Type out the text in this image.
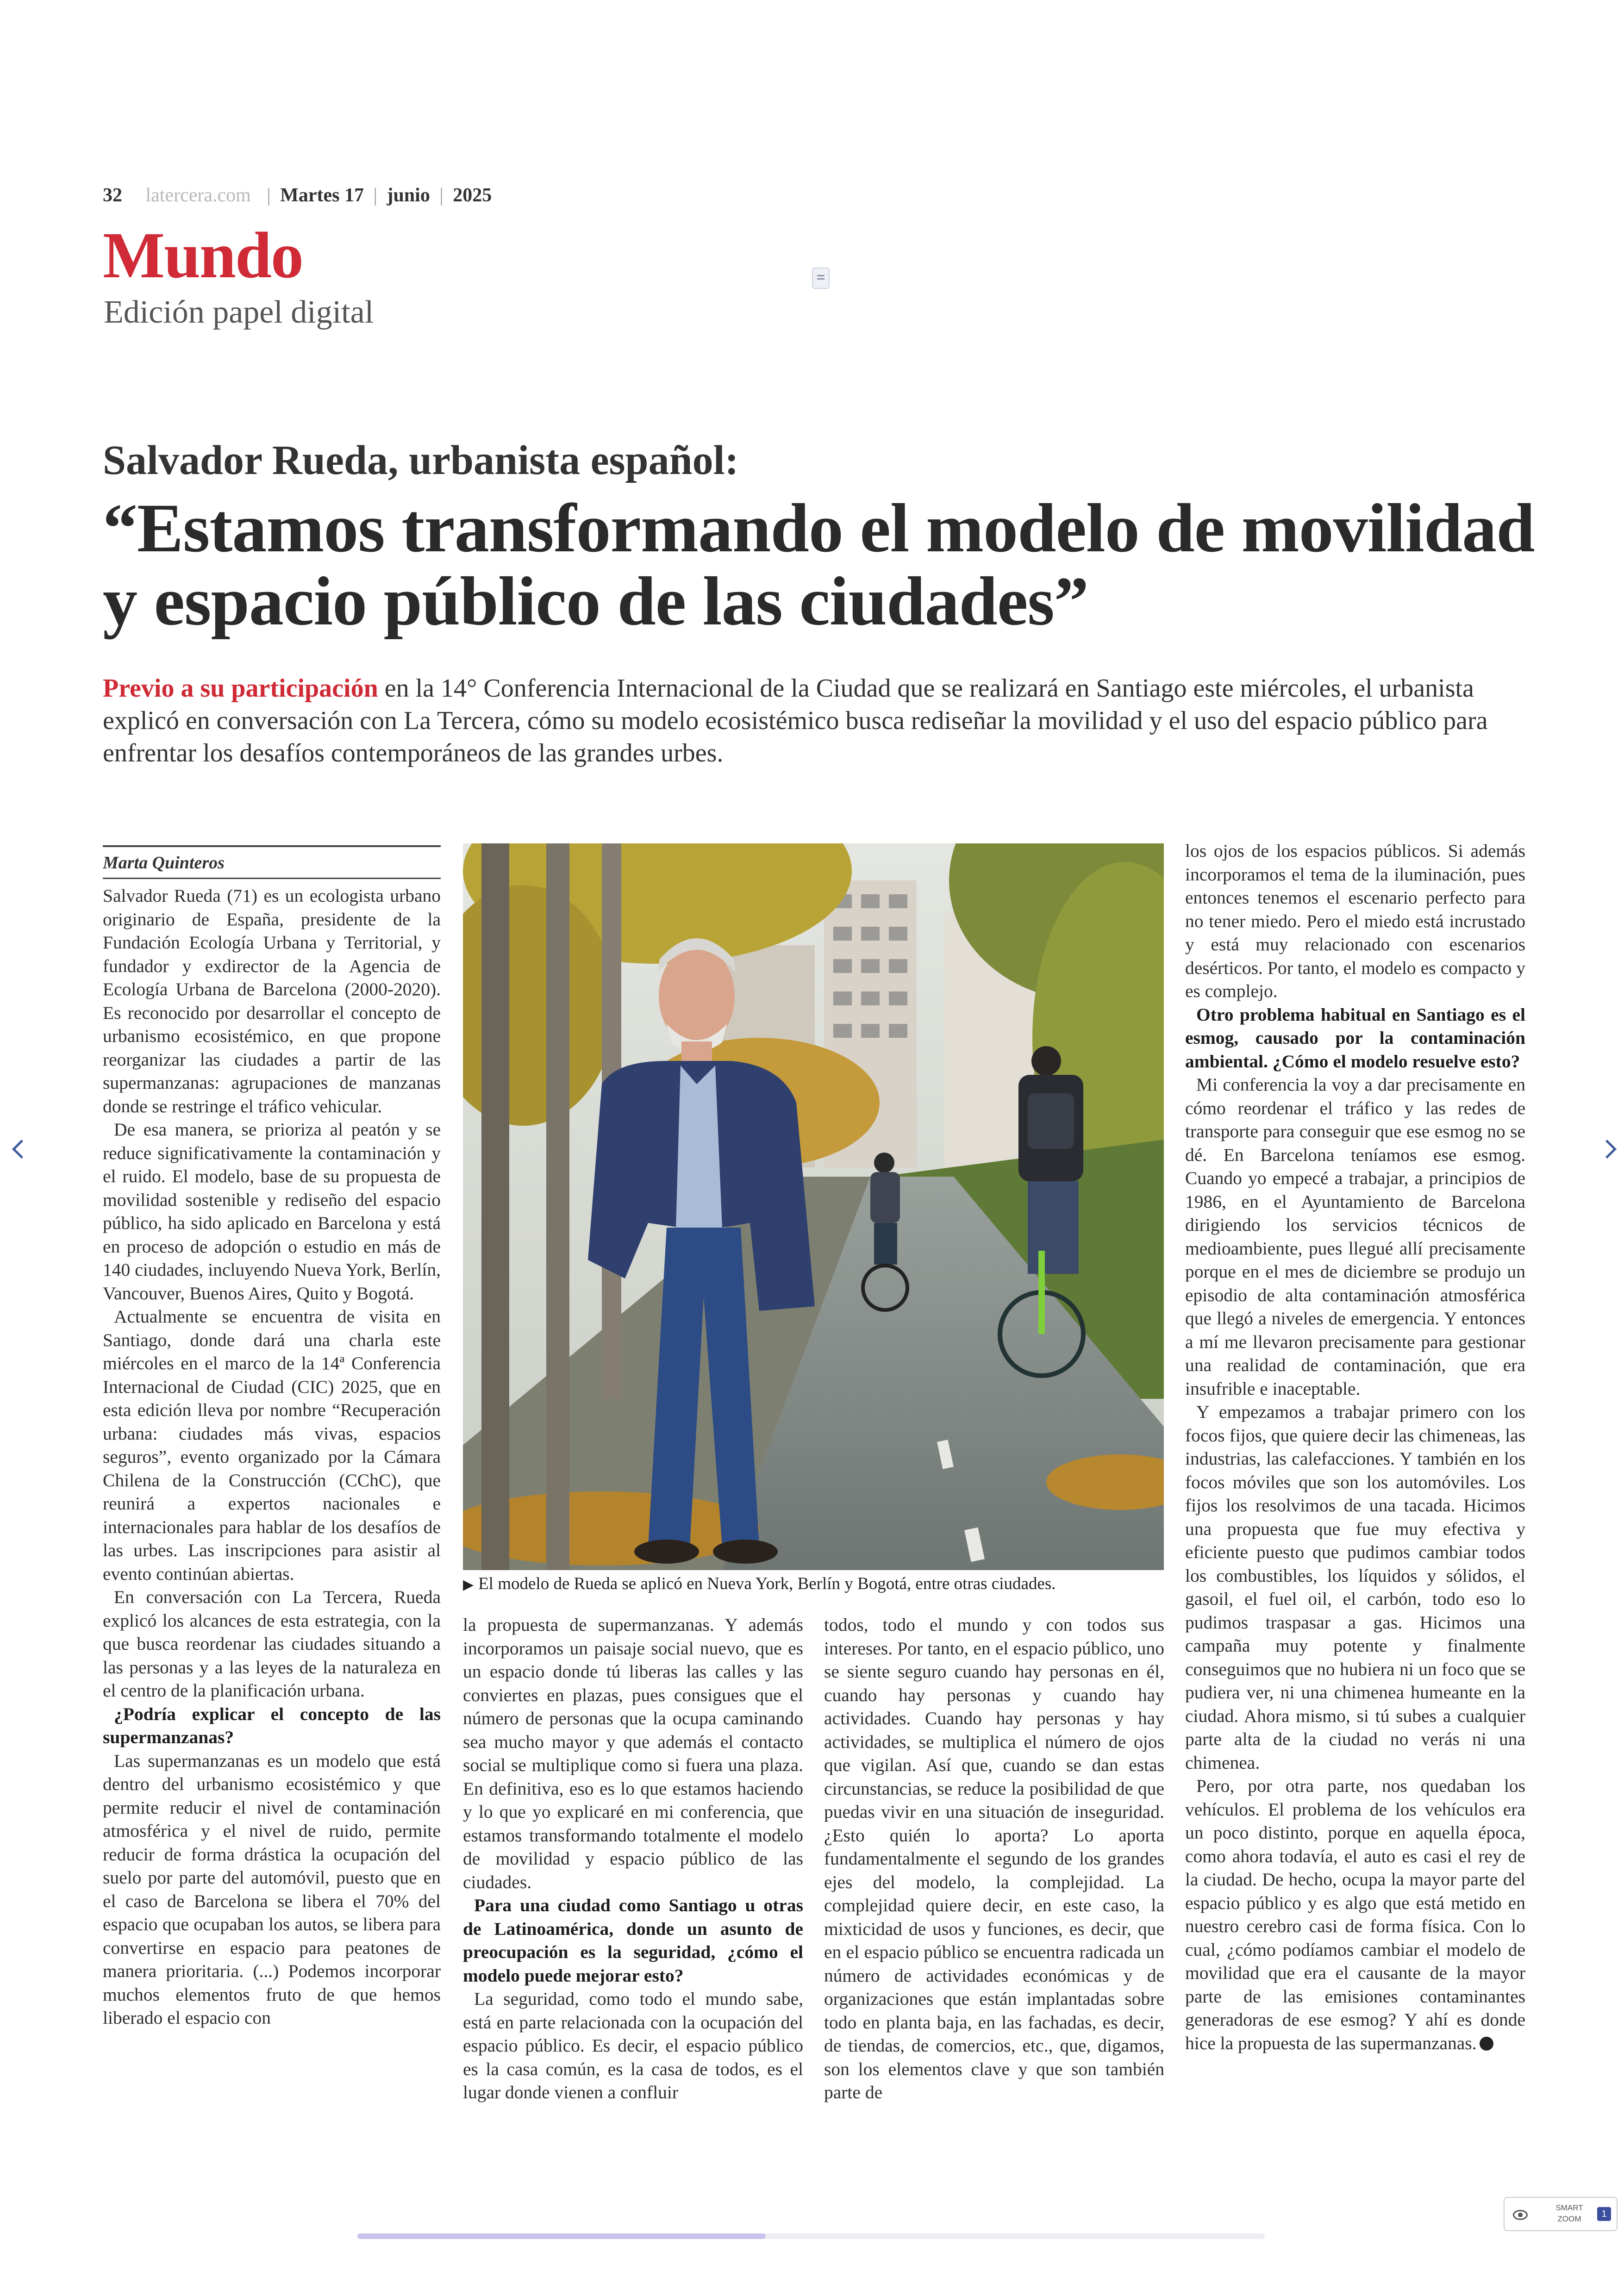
32 latercera.com | Martes 17 | junio | 2025
Mundo
Edición papel digital
Salvador Rueda, urbanista español:
“Estamos transformando el modelo de movilidad y espacio público de las ciudades”
Previo a su participación en la 14° Conferencia Internacional de la Ciudad que se realizará en Santiago este miércoles, el urbanista explicó en conversación con La Tercera, cómo su modelo ecosistémico busca rediseñar la movilidad y el uso del espacio público para enfrentar los desafíos contemporáneos de las grandes urbes.
Marta Quinteros

Salvador Rueda (71) es un ecologista urbano originario de España, presidente de la Fundación Ecología Urbana y Territorial, y fundador y exdirector de la Agencia de Ecología Urbana de Barcelona (2000-2020). Es reconocido por desarrollar el concepto de urbanismo ecosistémico, en que propone reorganizar las ciudades a partir de las supermanzanas: agrupaciones de manzanas donde se restringe el tráfico vehicular.

De esa manera, se prioriza al peatón y se reduce significativamente la contaminación y el ruido. El modelo, base de su propuesta de movilidad sostenible y rediseño del espacio público, ha sido aplicado en Barcelona y está en proceso de adopción o estudio en más de 140 ciudades, incluyendo Nueva York, Berlín, Vancouver, Buenos Aires, Quito y Bogotá.

Actualmente se encuentra de visita en Santiago, donde dará una charla este miércoles en el marco de la 14ª Conferencia Internacional de Ciudad (CIC) 2025, que en esta edición lleva por nombre “Recuperación urbana: ciudades más vivas, espacios seguros”, evento organizado por la Cámara Chilena de la Construcción (CChC), que reunirá a expertos nacionales e internacionales para hablar de los desafíos de las urbes. Las inscripciones para asistir al evento continúan abiertas.

En conversación con La Tercera, Rueda explicó los alcances de esta estrategia, con la que busca reordenar las ciudades situando a las personas y a las leyes de la naturaleza en el centro de la planificación urbana.

¿Podría explicar el concepto de las supermanzanas?

Las supermanzanas es un modelo que está dentro del urbanismo ecosistémico y que permite reducir el nivel de contaminación atmosférica y el nivel de ruido, permite reducir de forma drástica la ocupación del suelo por parte del automóvil, puesto que en el caso de Barcelona se libera el 70% del espacio que ocupaban los autos, se libera para convertirse en espacio para peatones de manera prioritaria. (...) Podemos incorporar muchos elementos fruto de que hemos liberado el espacio con

▶ El modelo de Rueda se aplicó en Nueva York, Berlín y Bogotá, entre otras ciudades.

la propuesta de supermanzanas. Y además incorporamos un paisaje social nuevo, que es un espacio donde tú liberas las calles y las conviertes en plazas, pues consigues que el número de personas que la ocupa caminando sea mucho mayor y que además el contacto social se multiplique como si fuera una plaza. En definitiva, eso es lo que estamos haciendo y lo que yo explicaré en mi conferencia, que estamos transformando totalmente el modelo de movilidad y espacio público de las ciudades.

Para una ciudad como Santiago u otras de Latinoamérica, donde un asunto de preocupación es la seguridad, ¿cómo el modelo puede mejorar esto?

La seguridad, como todo el mundo sabe, está en parte relacionada con la ocupación del espacio público. Es decir, el espacio público es la casa común, es la casa de todos, es el lugar donde vienen a confluir

todos, todo el mundo y con todos sus intereses. Por tanto, en el espacio público, uno se siente seguro cuando hay personas en él, cuando hay personas y cuando hay actividades. Cuando hay personas y hay actividades, se multiplica el número de ojos que vigilan. Así que, cuando se dan estas circunstancias, se reduce la posibilidad de que puedas vivir en una situación de inseguridad. ¿Esto quién lo aporta? Lo aporta fundamentalmente el segundo de los grandes ejes del modelo, la complejidad. La complejidad quiere decir, en este caso, la mixticidad de usos y funciones, es decir, que en el espacio público se encuentra radicada un número de actividades económicas y de organizaciones que están implantadas sobre todo en planta baja, en las fachadas, es decir, de tiendas, de comercios, etc., que, digamos, son los elementos clave y que son también parte de

los ojos de los espacios públicos. Si además incorporamos el tema de la iluminación, pues entonces tenemos el escenario perfecto para no tener miedo. Pero el miedo está incrustado y está muy relacionado con escenarios desérticos. Por tanto, el modelo es compacto y es complejo.

Otro problema habitual en Santiago es el esmog, causado por la contaminación ambiental. ¿Cómo el modelo resuelve esto?

Mi conferencia la voy a dar precisamente en cómo reordenar el tráfico y las redes de transporte para conseguir que ese esmog no se dé. En Barcelona teníamos ese esmog. Cuando yo empecé a trabajar, a principios de 1986, en el Ayuntamiento de Barcelona dirigiendo los servicios técnicos de medioambiente, pues llegué allí precisamente porque en el mes de diciembre se produjo un episodio de alta contaminación atmosférica que llegó a niveles de emergencia. Y entonces a mí me llevaron precisamente para gestionar una realidad de contaminación, que era insufrible e inaceptable.

Y empezamos a trabajar primero con los focos fijos, que quiere decir las chimeneas, las industrias, las calefacciones. Y también en los focos móviles que son los automóviles. Los fijos los resolvimos de una tacada. Hicimos una propuesta que fue muy efectiva y eficiente puesto que pudimos cambiar todos los combustibles, los líquidos y sólidos, el gasoil, el fuel oil, el carbón, todo eso lo pudimos traspasar a gas. Hicimos una campaña muy potente y finalmente conseguimos que no hubiera ni un foco que se pudiera ver, ni una chimenea humeante en la ciudad. Ahora mismo, si tú subes a cualquier parte alta de la ciudad no verás ni una chimenea.

Pero, por otra parte, nos quedaban los vehículos. El problema de los vehículos era un poco distinto, porque en aquella época, como ahora todavía, el auto es casi el rey de la ciudad. De hecho, ocupa la mayor parte del espacio público y es algo que está metido en nuestro cerebro casi de forma física. Con lo cual, ¿cómo podíamos cambiar el modelo de movilidad que era el causante de la mayor parte de las emisiones contaminantes generadoras de ese esmog? Y ahí es donde hice la propuesta de las supermanzanas.

SMART
ZOOM	1
